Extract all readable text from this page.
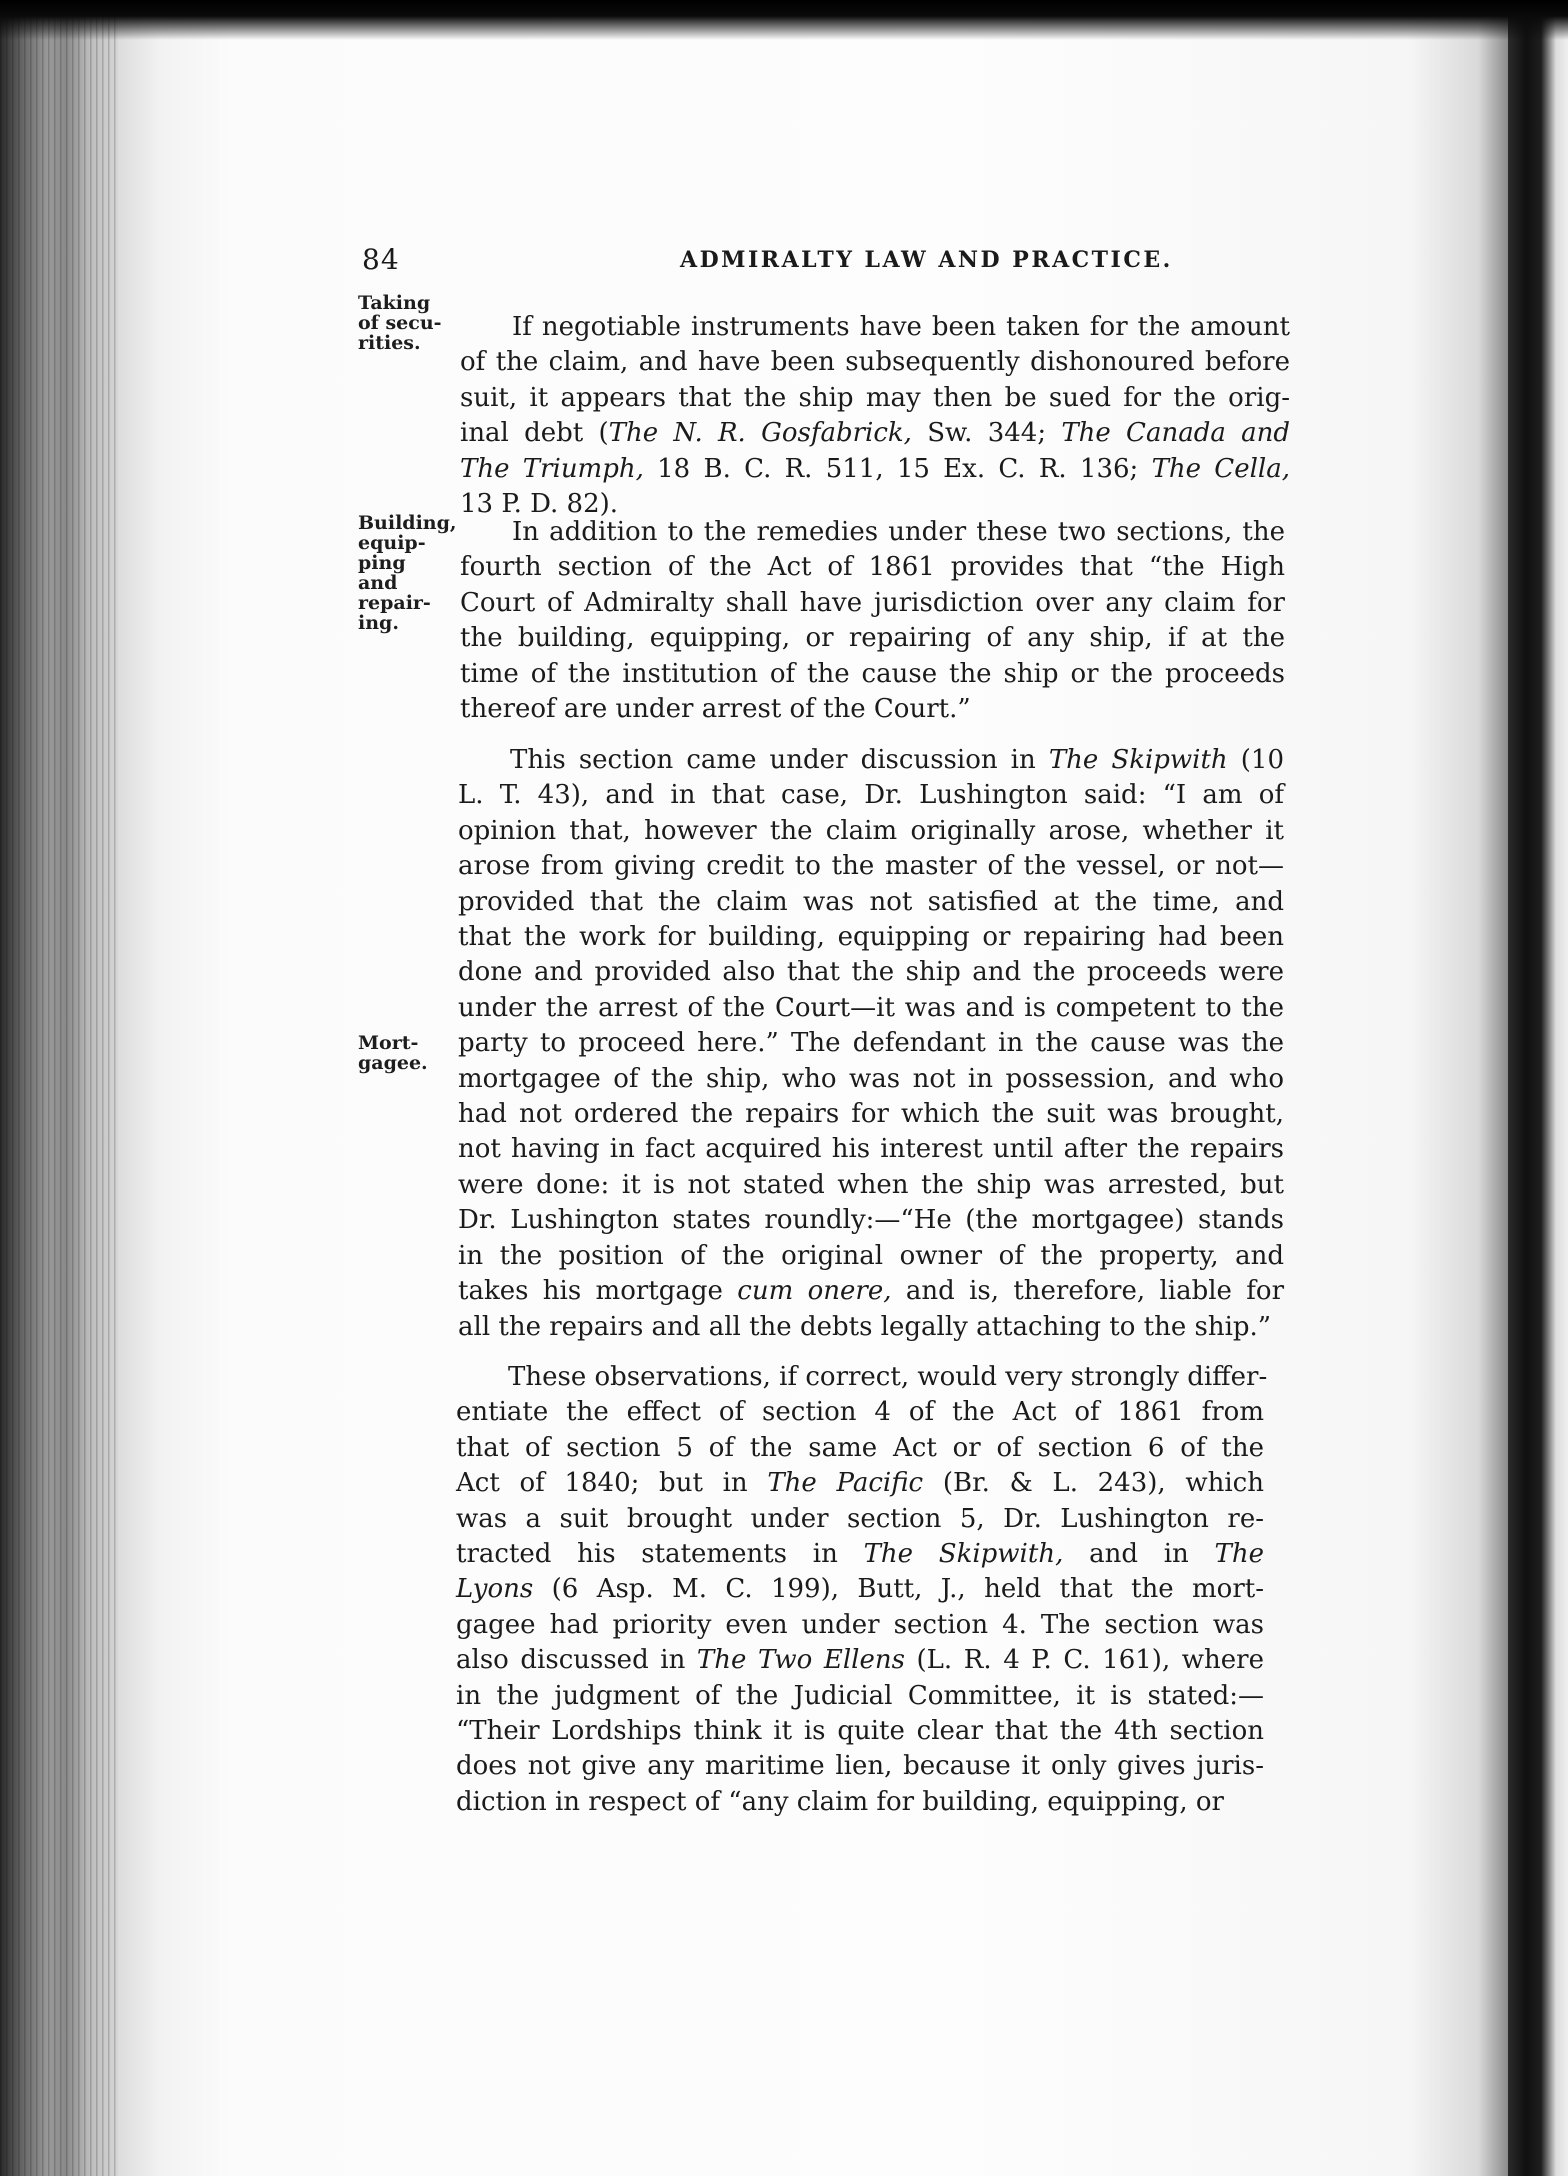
84	ADMIRALTY LAW AND PRACTICE.
Taking
of secu-
rities.
Building,
equip-
ping and
repair-
ing.
Mort-
gagee.
If negotiable instruments have been taken for the amount
of the claim, and have been subsequently dishonoured before
suit, it appears that the ship may then be sued for the orig-
inal debt (The N. R. Gosfabrick, Sw. 344; The Canada and
The Triumph, 18 B. C. R. 511, 15 Ex. C. R. 136; The Cella,
13 P. D. 82).
In addition to the remedies under these two sections, the
fourth section of the Act of 1861 provides that “the High
Court of Admiralty shall have jurisdiction over any claim for
the building, equipping, or repairing of any ship, if at the
time of the institution of the cause the ship or the proceeds
thereof are under arrest of the Court.”
This section came under discussion in The Skipwith (10
L. T. 43), and in that case, Dr. Lushington said: “I am of
opinion that, however the claim originally arose, whether it
arose from giving credit to the master of the vessel, or not—
provided that the claim was not satisfied at the time, and
that the work for building, equipping or repairing had been
done and provided also that the ship and the proceeds were
under the arrest of the Court—it was and is competent to the
party to proceed here.” The defendant in the cause was the
mortgagee of the ship, who was not in possession, and who
had not ordered the repairs for which the suit was brought,
not having in fact acquired his interest until after the repairs
were done: it is not stated when the ship was arrested, but
Dr. Lushington states roundly:—“He (the mortgagee) stands
in the position of the original owner of the property, and
takes his mortgage cum onere, and is, therefore, liable for
all the repairs and all the debts legally attaching to the ship.”
These observations, if correct, would very strongly differ-
entiate the effect of section 4 of the Act of 1861 from
that of section 5 of the same Act or of section 6 of the
Act of 1840; but in The Pacific (Br. & L. 243), which
was a suit brought under section 5, Dr. Lushington re-
tracted his statements in The Skipwith, and in The
Lyons (6 Asp. M. C. 199), Butt, J., held that the mort-
gagee had priority even under section 4. The section was
also discussed in The Two Ellens (L. R. 4 P. C. 161), where
in the judgment of the Judicial Committee, it is stated:—
“Their Lordships think it is quite clear that the 4th section
does not give any maritime lien, because it only gives juris-
diction in respect of “any claim for building, equipping, or
